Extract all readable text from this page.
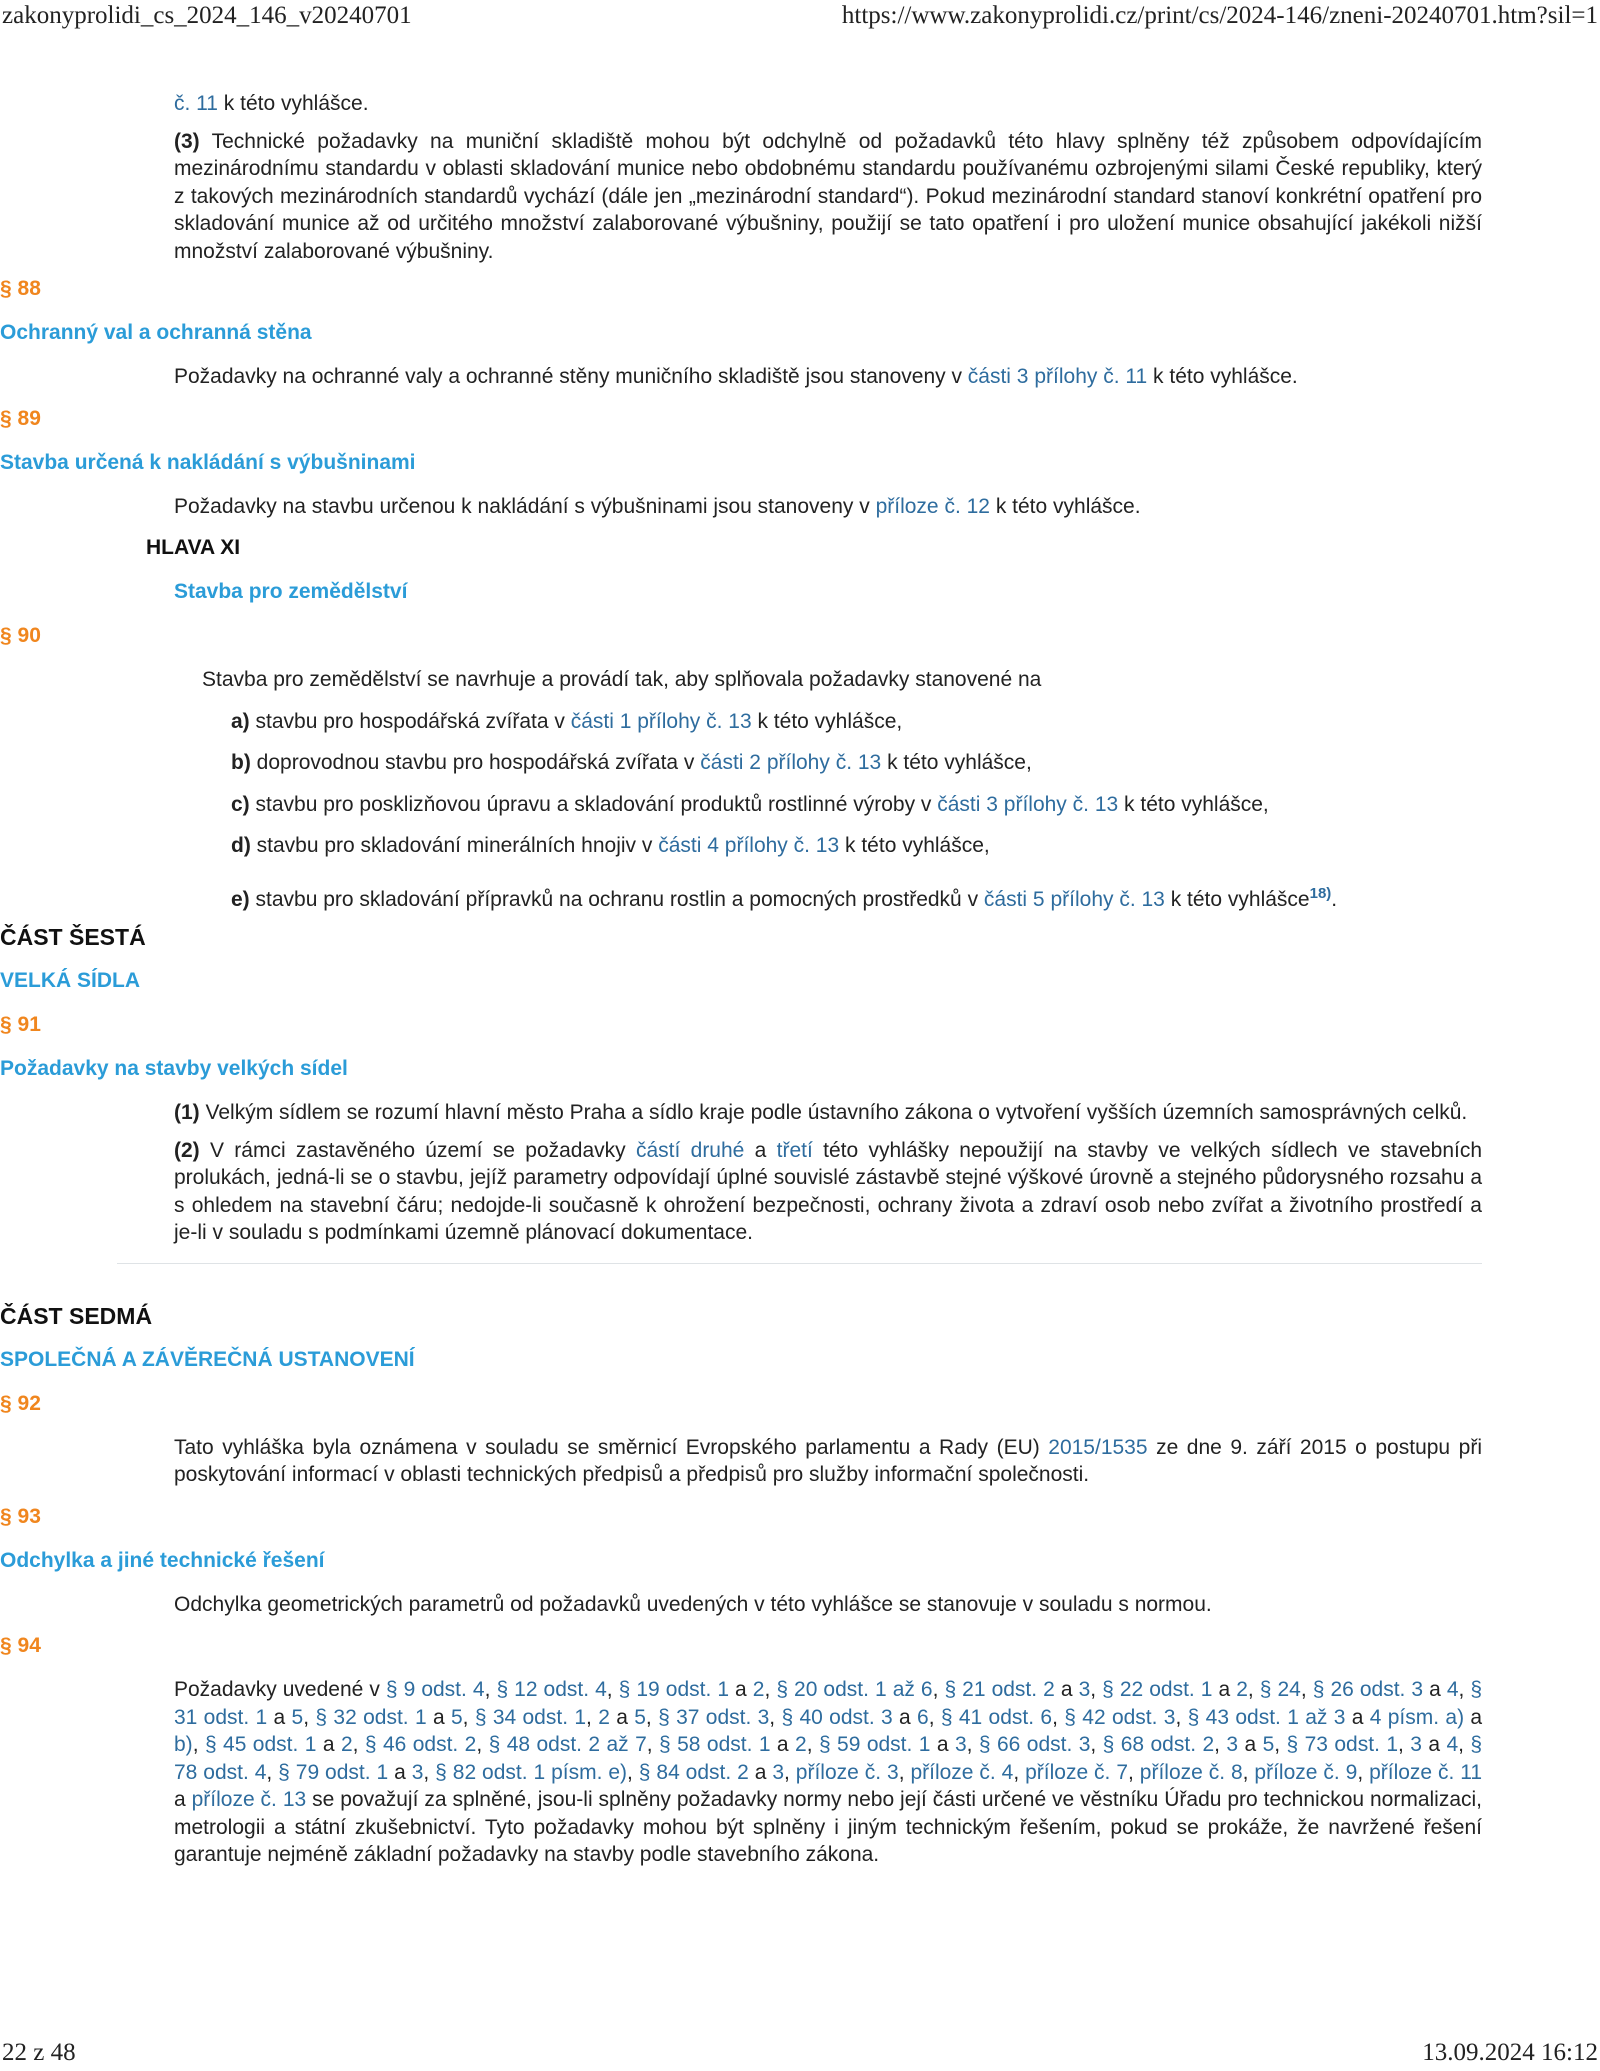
zakonyprolidi_cs_2024_146_v20240701	https://www.zakonyprolidi.cz/print/cs/2024-146/zneni-20240701.htm?sil=1

č. 11 k této vyhlášce.

(3) Technické požadavky na muniční skladiště mohou být odchylně od požadavků této hlavy splněny též způsobem odpovídajícím mezinárodnímu standardu v oblasti skladování munice nebo obdobnému standardu používanému ozbrojenými silami České republiky, který z takových mezinárodních standardů vychází (dále jen „mezinárodní standard“). Pokud mezinárodní standard stanoví konkrétní opatření pro skladování munice až od určitého množství zalaborované výbušniny, použijí se tato opatření i pro uložení munice obsahující jakékoli nižší množství zalaborované výbušniny.

§ 88

Ochranný val a ochranná stěna

Požadavky na ochranné valy a ochranné stěny muničního skladiště jsou stanoveny v části 3 přílohy č. 11 k této vyhlášce.

§ 89

Stavba určená k nakládání s výbušninami

Požadavky na stavbu určenou k nakládání s výbušninami jsou stanoveny v příloze č. 12 k této vyhlášce.

HLAVA XI

Stavba pro zemědělství

§ 90

Stavba pro zemědělství se navrhuje a provádí tak, aby splňovala požadavky stanovené na

a) stavbu pro hospodářská zvířata v části 1 přílohy č. 13 k této vyhlášce,

b) doprovodnou stavbu pro hospodářská zvířata v části 2 přílohy č. 13 k této vyhlášce,

c) stavbu pro posklizňovou úpravu a skladování produktů rostlinné výroby v části 3 přílohy č. 13 k této vyhlášce,

d) stavbu pro skladování minerálních hnojiv v části 4 přílohy č. 13 k této vyhlášce,

e) stavbu pro skladování přípravků na ochranu rostlin a pomocných prostředků v části 5 přílohy č. 13 k této vyhlášce$^{18)}$.

ČÁST ŠESTÁ

VELKÁ SÍDLA

§ 91

Požadavky na stavby velkých sídel

(1) Velkým sídlem se rozumí hlavní město Praha a sídlo kraje podle ústavního zákona o vytvoření vyšších územních samosprávných celků.

(2) V rámci zastavěného území se požadavky částí druhé a třetí této vyhlášky nepoužijí na stavby ve velkých sídlech ve stavebních prolukách, jedná-li se o stavbu, jejíž parametry odpovídají úplné souvislé zástavbě stejné výškové úrovně a stejného půdorysného rozsahu a s ohledem na stavební čáru; nedojde-li současně k ohrožení bezpečnosti, ochrany života a zdraví osob nebo zvířat a životního prostředí a je-li v souladu s podmínkami územně plánovací dokumentace.

ČÁST SEDMÁ

SPOLEČNÁ A ZÁVĚREČNÁ USTANOVENÍ

§ 92

Tato vyhláška byla oznámena v souladu se směrnicí Evropského parlamentu a Rady (EU) 2015/1535 ze dne 9. září 2015 o postupu při poskytování informací v oblasti technických předpisů a předpisů pro služby informační společnosti.

§ 93

Odchylka a jiné technické řešení

Odchylka geometrických parametrů od požadavků uvedených v této vyhlášce se stanovuje v souladu s normou.

§ 94

Požadavky uvedené v § 9 odst. 4, § 12 odst. 4, § 19 odst. 1 a 2, § 20 odst. 1 až 6, § 21 odst. 2 a 3, § 22 odst. 1 a 2, § 24, § 26 odst. 3 a 4, § 31 odst. 1 a 5, § 32 odst. 1 a 5, § 34 odst. 1, 2 a 5, § 37 odst. 3, § 40 odst. 3 a 6, § 41 odst. 6, § 42 odst. 3, § 43 odst. 1 až 3 a 4 písm. a) a b), § 45 odst. 1 a 2, § 46 odst. 2, § 48 odst. 2 až 7, § 58 odst. 1 a 2, § 59 odst. 1 a 3, § 66 odst. 3, § 68 odst. 2, 3 a 5, § 73 odst. 1, 3 a 4, § 78 odst. 4, § 79 odst. 1 a 3, § 82 odst. 1 písm. e), § 84 odst. 2 a 3, příloze č. 3, příloze č. 4, příloze č. 7, příloze č. 8, příloze č. 9, příloze č. 11 a příloze č. 13 se považují za splněné, jsou-li splněny požadavky normy nebo její části určené ve věstníku Úřadu pro technickou normalizaci, metrologii a státní zkušebnictví. Tyto požadavky mohou být splněny i jiným technickým řešením, pokud se prokáže, že navržené řešení garantuje nejméně základní požadavky na stavby podle stavebního zákona.

22 z 48	13.09.2024 16:12
